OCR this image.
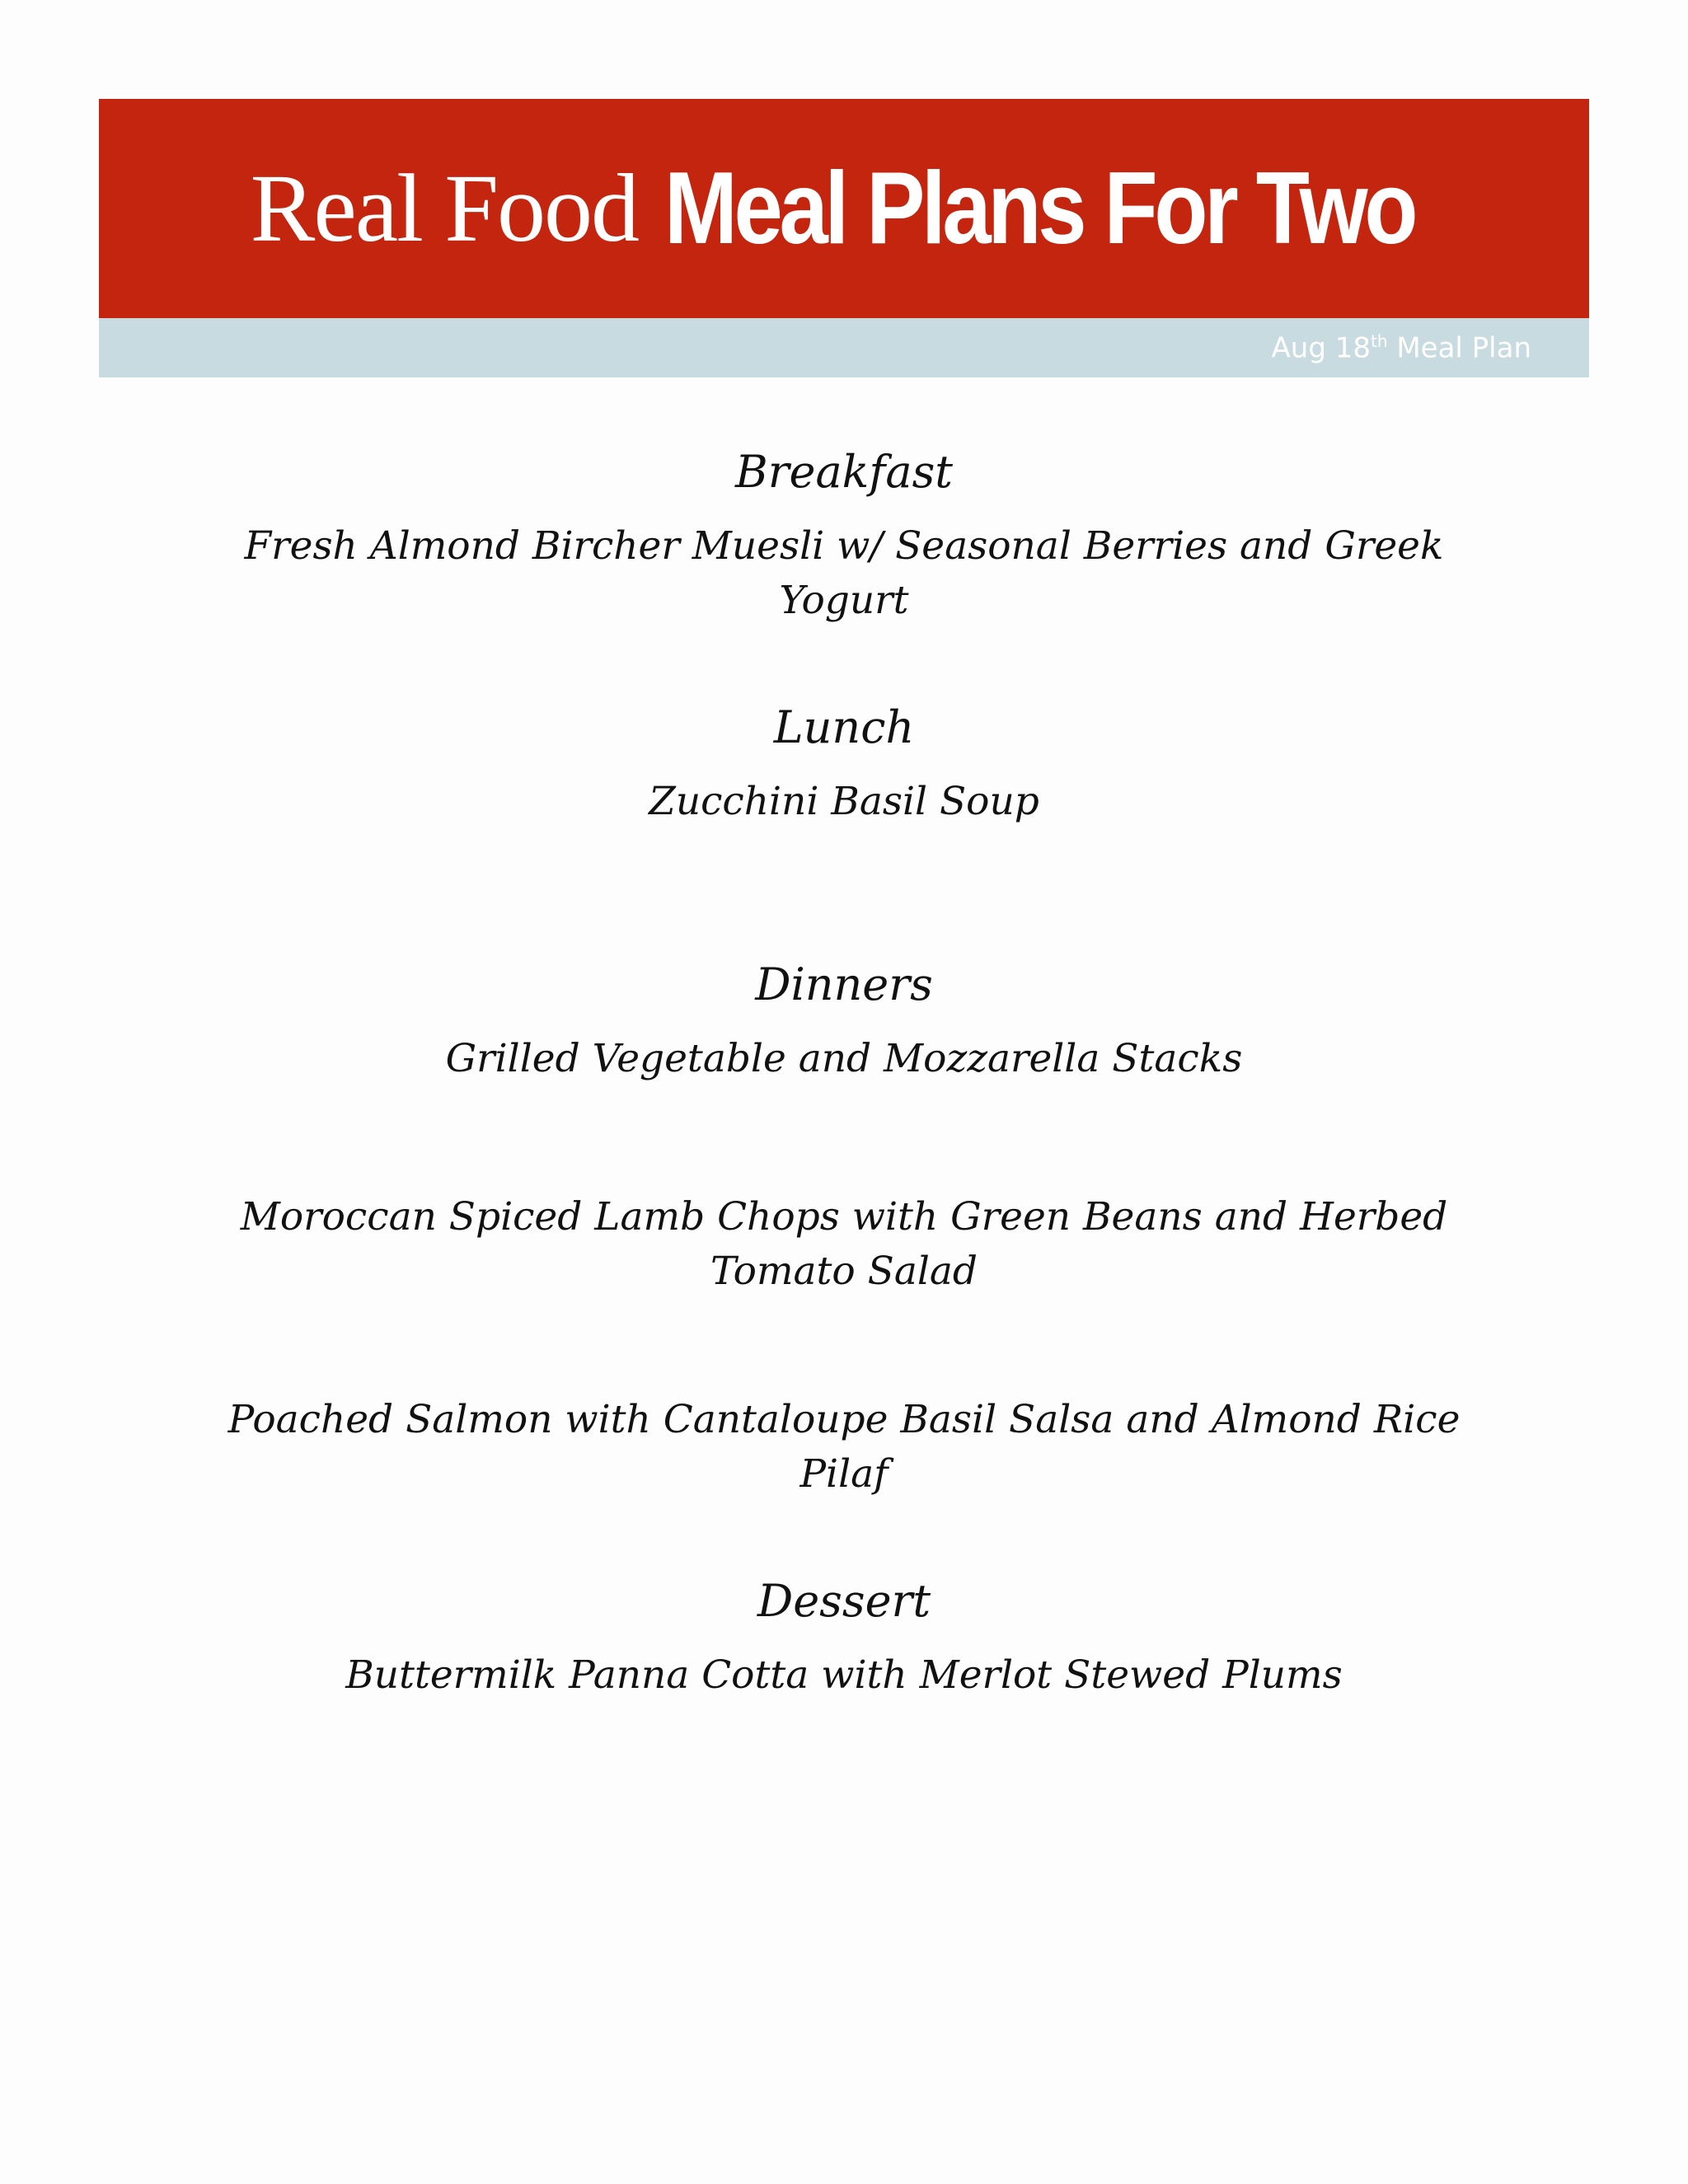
Real Food Meal Plans For Two
Aug 18th Meal Plan

Breakfast

Fresh Almond Bircher Muesli w/ Seasonal Berries and Greek Yogurt

Lunch

Zucchini Basil Soup

Dinners

Grilled Vegetable and Mozzarella Stacks

Moroccan Spiced Lamb Chops with Green Beans and Herbed Tomato Salad

Poached Salmon with Cantaloupe Basil Salsa and Almond Rice Pilaf

Dessert

Buttermilk Panna Cotta with Merlot Stewed Plums
